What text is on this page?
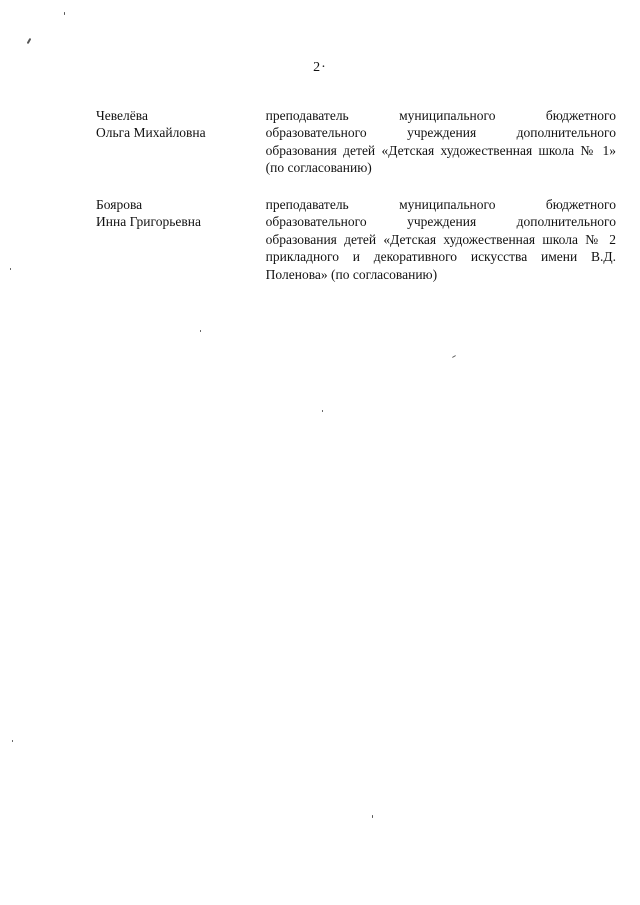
2·
Чевелёва
Ольга Михайловна
преподаватель муниципального бюджетного образовательного учреждения дополнительного образования детей «Детская художественная школа № 1» (по согласованию)
Боярова
Инна Григорьевна
преподаватель муниципального бюджетного образовательного учреждения дополнительного образования детей «Детская художественная школа № 2 прикладного и декоративного искусства имени В.Д. Поленова» (по согласованию)
